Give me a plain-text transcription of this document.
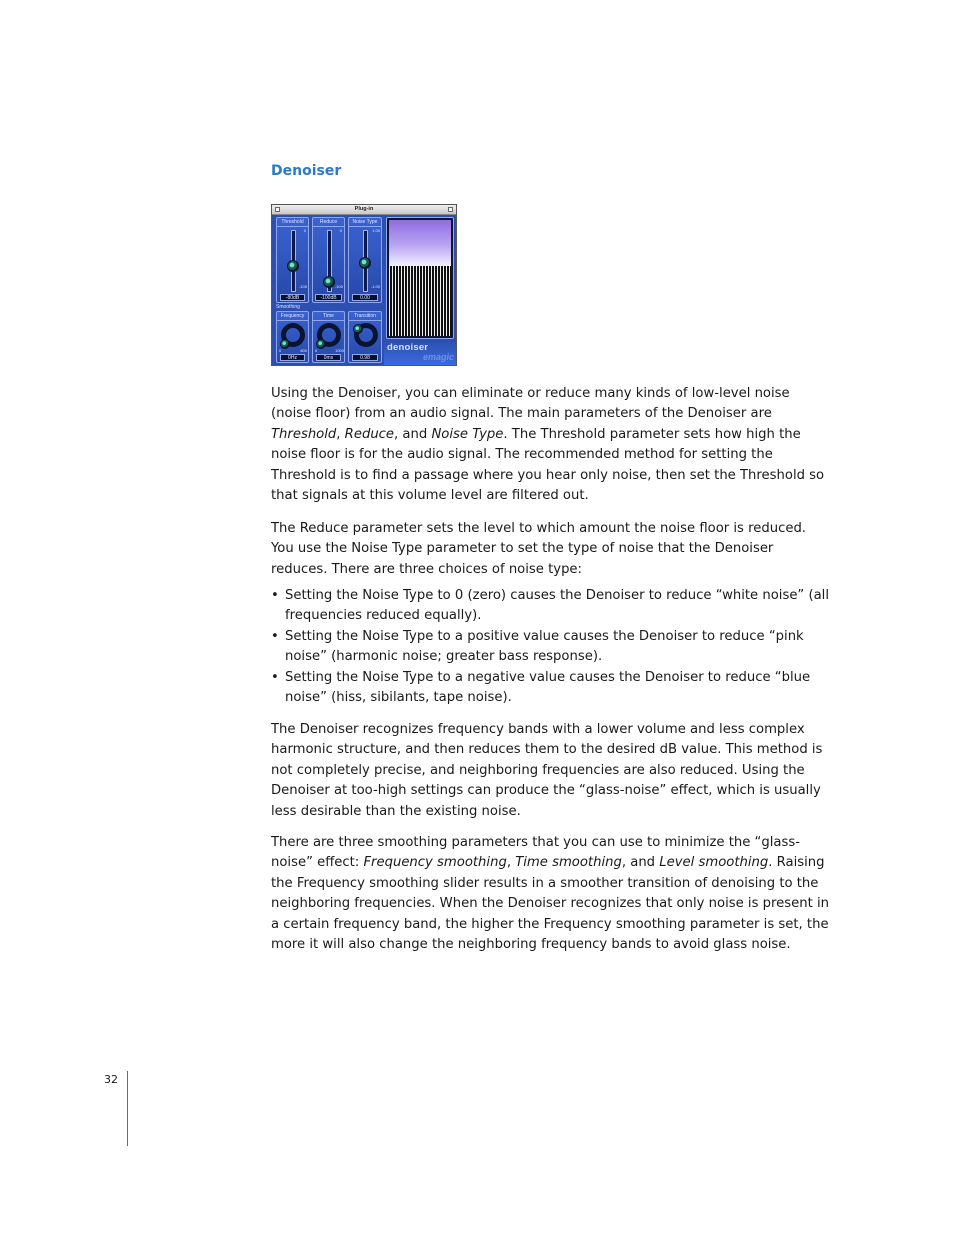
Denoiser
Plug-in
Threshold
0
-100
-80dB
Reduce
0
-100
-100dB
Noise Type
1.00
-1.00
0.00
Smoothing
Frequency
0	600
0Hz
Time
0	1000
0ms
Transition
0.98
denoiser
emagic

Using the Denoiser, you can eliminate or reduce many kinds of low-level noise (noise floor) from an audio signal. The main parameters of the Denoiser are Threshold, Reduce, and Noise Type. The Threshold parameter sets how high the noise floor is for the audio signal. The recommended method for setting the Threshold is to find a passage where you hear only noise, then set the Threshold so that signals at this volume level are filtered out.

The Reduce parameter sets the level to which amount the noise floor is reduced. You use the Noise Type parameter to set the type of noise that the Denoiser reduces. There are three choices of noise type:

• Setting the Noise Type to 0 (zero) causes the Denoiser to reduce “white noise” (all frequencies reduced equally).
• Setting the Noise Type to a positive value causes the Denoiser to reduce “pink noise” (harmonic noise; greater bass response).
• Setting the Noise Type to a negative value causes the Denoiser to reduce “blue noise” (hiss, sibilants, tape noise).

The Denoiser recognizes frequency bands with a lower volume and less complex harmonic structure, and then reduces them to the desired dB value. This method is not completely precise, and neighboring frequencies are also reduced. Using the Denoiser at too-high settings can produce the “glass-noise” effect, which is usually less desirable than the existing noise.

There are three smoothing parameters that you can use to minimize the “glass-noise” effect: Frequency smoothing, Time smoothing, and Level smoothing. Raising the Frequency smoothing slider results in a smoother transition of denoising to the neighboring frequencies. When the Denoiser recognizes that only noise is present in a certain frequency band, the higher the Frequency smoothing parameter is set, the more it will also change the neighboring frequency bands to avoid glass noise.

32
